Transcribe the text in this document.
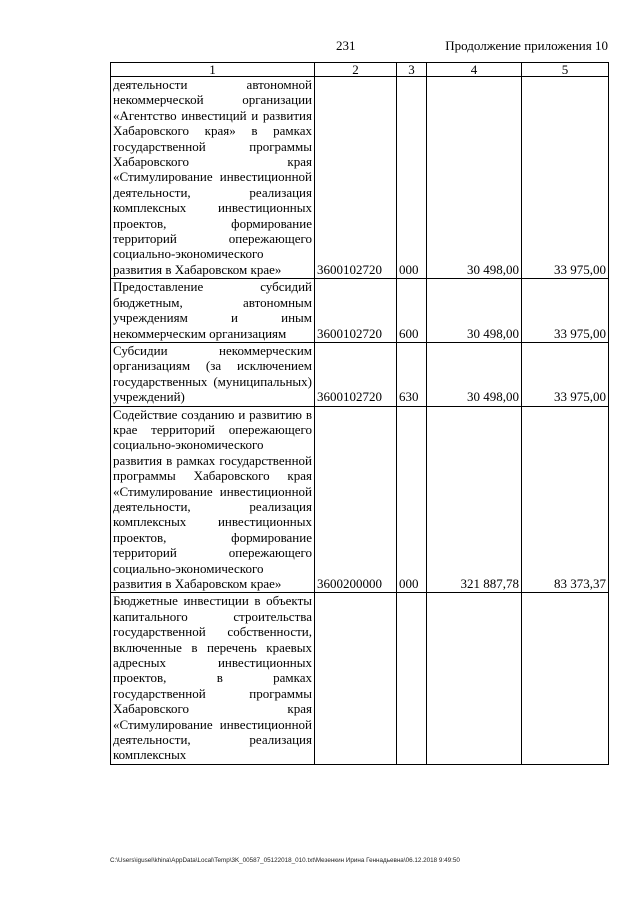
231	Продолжение приложения 10
1	2	3	4	5
деятельности автономной некоммерческой организации «Агентство инвестиций и развития Хабаровского края» в рамках государственной программы Хабаровского края «Стимулирование инвестиционной деятельности, реализация комплексных инвестиционных проектов, формирование территорий опережающего социально-экономического развития в Хабаровском крае»	3600102720	000	30 498,00	33 975,00
Предоставление субсидий бюджетным, автономным учреждениям и иным некоммерческим организациям	3600102720	600	30 498,00	33 975,00
Субсидии некоммерческим организациям (за исключением государственных (муниципальных) учреждений)	3600102720	630	30 498,00	33 975,00
Содействие созданию и развитию в крае территорий опережающего социально-экономического развития в рамках государственной программы Хабаровского края «Стимулирование инвестиционной деятельности, реализация комплексных инвестиционных проектов, формирование территорий опережающего социально-экономического развития в Хабаровском крае»	3600200000	000	321 887,78	83 373,37
Бюджетные инвестиции в объекты капитального строительства государственной собственности, включенные в перечень краевых адресных инвестиционных проектов, в рамках государственной программы Хабаровского края «Стимулирование инвестиционной деятельности, реализация комплексных				
C:\Users\igusel\khina\AppData\Local\Temp\3K_00587_05122018_010.txt\Мезенкин Ирина Геннадьевна\06.12.2018 9:49:50
